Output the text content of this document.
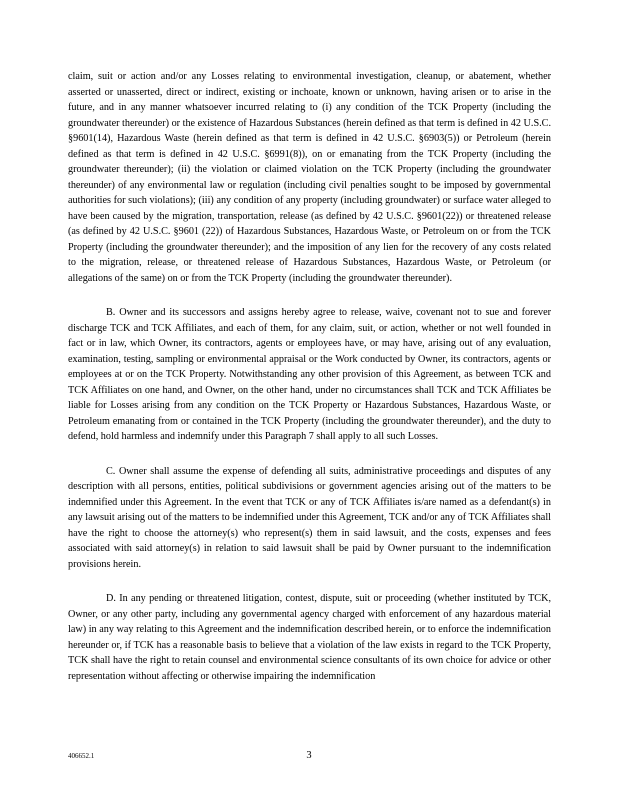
claim, suit or action and/or any Losses relating to environmental investigation, cleanup, or abatement, whether asserted or unasserted, direct or indirect, existing or inchoate, known or unknown, having arisen or to arise in the future, and in any manner whatsoever incurred relating to (i) any condition of the TCK Property (including the groundwater thereunder) or the existence of Hazardous Substances (herein defined as that term is defined in 42 U.S.C. §9601(14), Hazardous Waste (herein defined as that term is defined in 42 U.S.C. §6903(5)) or Petroleum (herein defined as that term is defined in 42 U.S.C. §6991(8)), on or emanating from the TCK Property (including the groundwater thereunder); (ii) the violation or claimed violation on the TCK Property (including the groundwater thereunder) of any environmental law or regulation (including civil penalties sought to be imposed by governmental authorities for such violations); (iii) any condition of any property (including groundwater) or surface water alleged to have been caused by the migration, transportation, release (as defined by 42 U.S.C. §9601(22)) or threatened release (as defined by 42 U.S.C. §9601 (22)) of Hazardous Substances, Hazardous Waste, or Petroleum on or from the TCK Property (including the groundwater thereunder); and the imposition of any lien for the recovery of any costs related to the migration, release, or threatened release of Hazardous Substances, Hazardous Waste, or Petroleum (or allegations of the same) on or from the TCK Property (including the groundwater thereunder).

B. Owner and its successors and assigns hereby agree to release, waive, covenant not to sue and forever discharge TCK and TCK Affiliates, and each of them, for any claim, suit, or action, whether or not well founded in fact or in law, which Owner, its contractors, agents or employees have, or may have, arising out of any evaluation, examination, testing, sampling or environmental appraisal or the Work conducted by Owner, its contractors, agents or employees at or on the TCK Property. Notwithstanding any other provision of this Agreement, as between TCK and TCK Affiliates on one hand, and Owner, on the other hand, under no circumstances shall TCK and TCK Affiliates be liable for Losses arising from any condition on the TCK Property or Hazardous Substances, Hazardous Waste, or Petroleum emanating from or contained in the TCK Property (including the groundwater thereunder), and the duty to defend, hold harmless and indemnify under this Paragraph 7 shall apply to all such Losses.

C. Owner shall assume the expense of defending all suits, administrative proceedings and disputes of any description with all persons, entities, political subdivisions or government agencies arising out of the matters to be indemnified under this Agreement. In the event that TCK or any of TCK Affiliates is/are named as a defendant(s) in any lawsuit arising out of the matters to be indemnified under this Agreement, TCK and/or any of TCK Affiliates shall have the right to choose the attorney(s) who represent(s) them in said lawsuit, and the costs, expenses and fees associated with said attorney(s) in relation to said lawsuit shall be paid by Owner pursuant to the indemnification provisions herein.

D. In any pending or threatened litigation, contest, dispute, suit or proceeding (whether instituted by TCK, Owner, or any other party, including any governmental agency charged with enforcement of any hazardous material law) in any way relating to this Agreement and the indemnification described herein, or to enforce the indemnification hereunder or, if TCK has a reasonable basis to believe that a violation of the law exists in regard to the TCK Property, TCK shall have the right to retain counsel and environmental science consultants of its own choice for advice or other representation without affecting or otherwise impairing the indemnification

406652.1	3
